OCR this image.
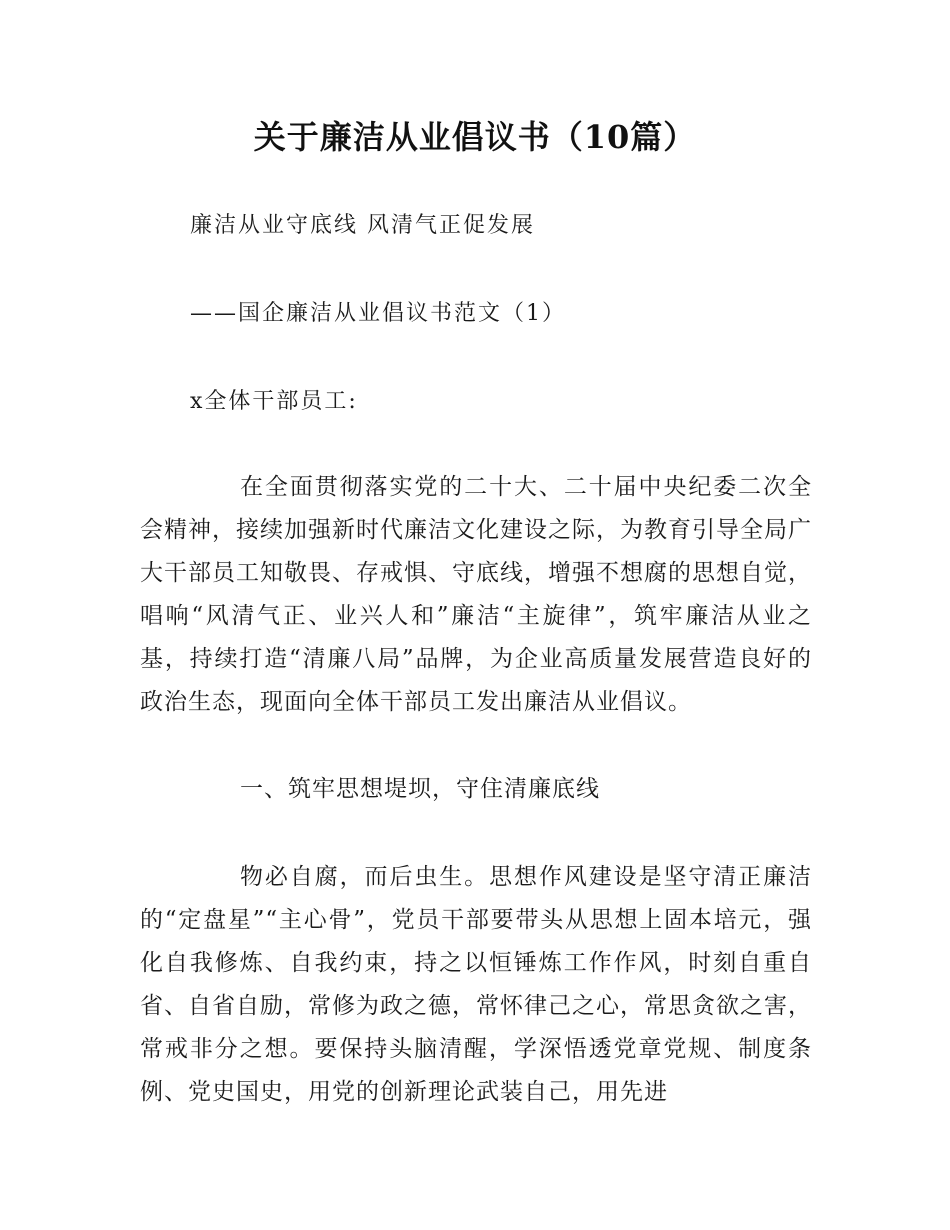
关于廉洁从业倡议书（10篇）

廉洁从业守底线 风清气正促发展

——国企廉洁从业倡议书范文（1）

x全体干部员工:

在全面贯彻落实党的二十大、二十届中央纪委二次全会精神，接续加强新时代廉洁文化建设之际，为教育引导全局广大干部员工知敬畏、存戒惧、守底线，增强不想腐的思想自觉，唱响“风清气正、业兴人和”廉洁“主旋律”，筑牢廉洁从业之基，持续打造“清廉八局”品牌，为企业高质量发展营造良好的政治生态，现面向全体干部员工发出廉洁从业倡议。

一、筑牢思想堤坝，守住清廉底线

物必自腐，而后虫生。思想作风建设是坚守清正廉洁的“定盘星”“主心骨”，党员干部要带头从思想上固本培元，强化自我修炼、自我约束，持之以恒锤炼工作作风，时刻自重自省、自省自励，常修为政之德，常怀律己之心，常思贪欲之害，常戒非分之想。要保持头脑清醒，学深悟透党章党规、制度条例、党史国史，用党的创新理论武装自己，用先进
